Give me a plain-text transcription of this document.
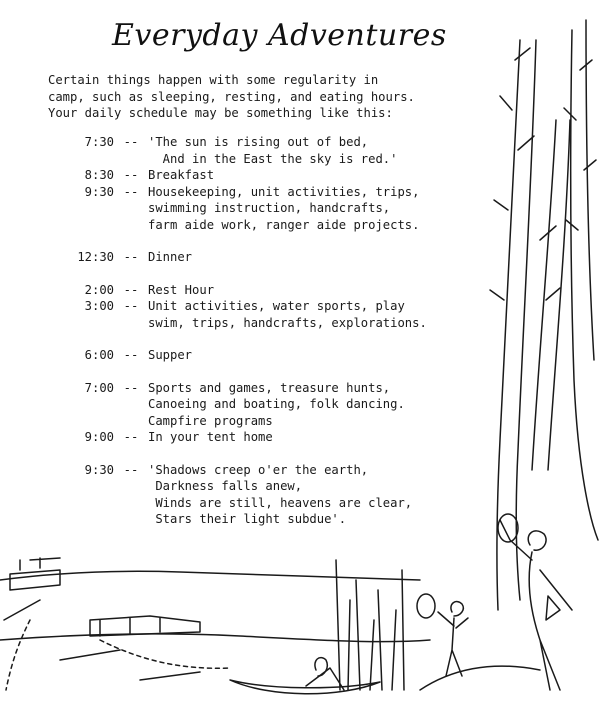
Everyday Adventures
Certain things happen with some regularity in
camp, such as sleeping, resting, and eating hours.
Your daily schedule may be something like this:
7:30 -- 'The sun is rising out of bed,
And in the East the sky is red.'
8:30 -- Breakfast
9:30 -- Housekeeping, unit activities, trips,
swimming instruction, handcrafts,
farm aide work, ranger aide projects.
12:30 -- Dinner
2:00 -- Rest Hour
3:00 -- Unit activities, water sports, play
swim, trips, handcrafts, explorations.
6:00 -- Supper
7:00 -- Sports and games, treasure hunts,
Canoeing and boating, folk dancing.
Campfire programs
9:00 -- In your tent home
9:30 -- 'Shadows creep o'er the earth,
Darkness falls anew,
Winds are still, heavens are clear,
Stars their light subdue'.
